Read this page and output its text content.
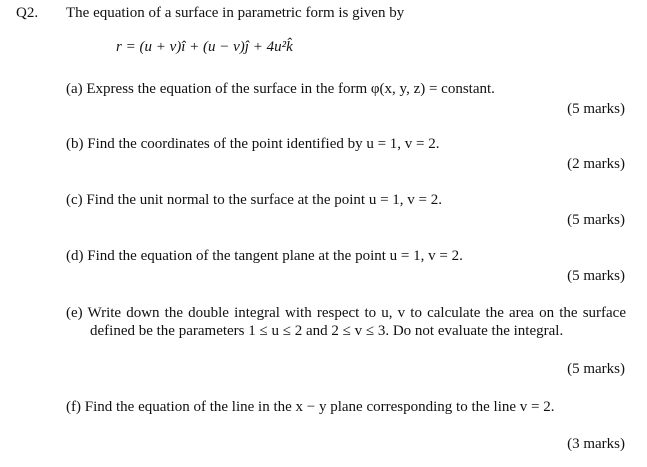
Q2. The equation of a surface in parametric form is given by
r = (u + v)î + (u − v)ĵ + 4u²k̂
(a) Express the equation of the surface in the form φ(x, y, z) = constant.
(5 marks)
(b) Find the coordinates of the point identified by u = 1, v = 2.
(2 marks)
(c) Find the unit normal to the surface at the point u = 1, v = 2.
(5 marks)
(d) Find the equation of the tangent plane at the point u = 1, v = 2.
(5 marks)
(e) Write down the double integral with respect to u, v to calculate the area on the surface defined be the parameters 1 ≤ u ≤ 2 and 2 ≤ v ≤ 3. Do not evaluate the integral.
(5 marks)
(f) Find the equation of the line in the x − y plane corresponding to the line v = 2.
(3 marks)
